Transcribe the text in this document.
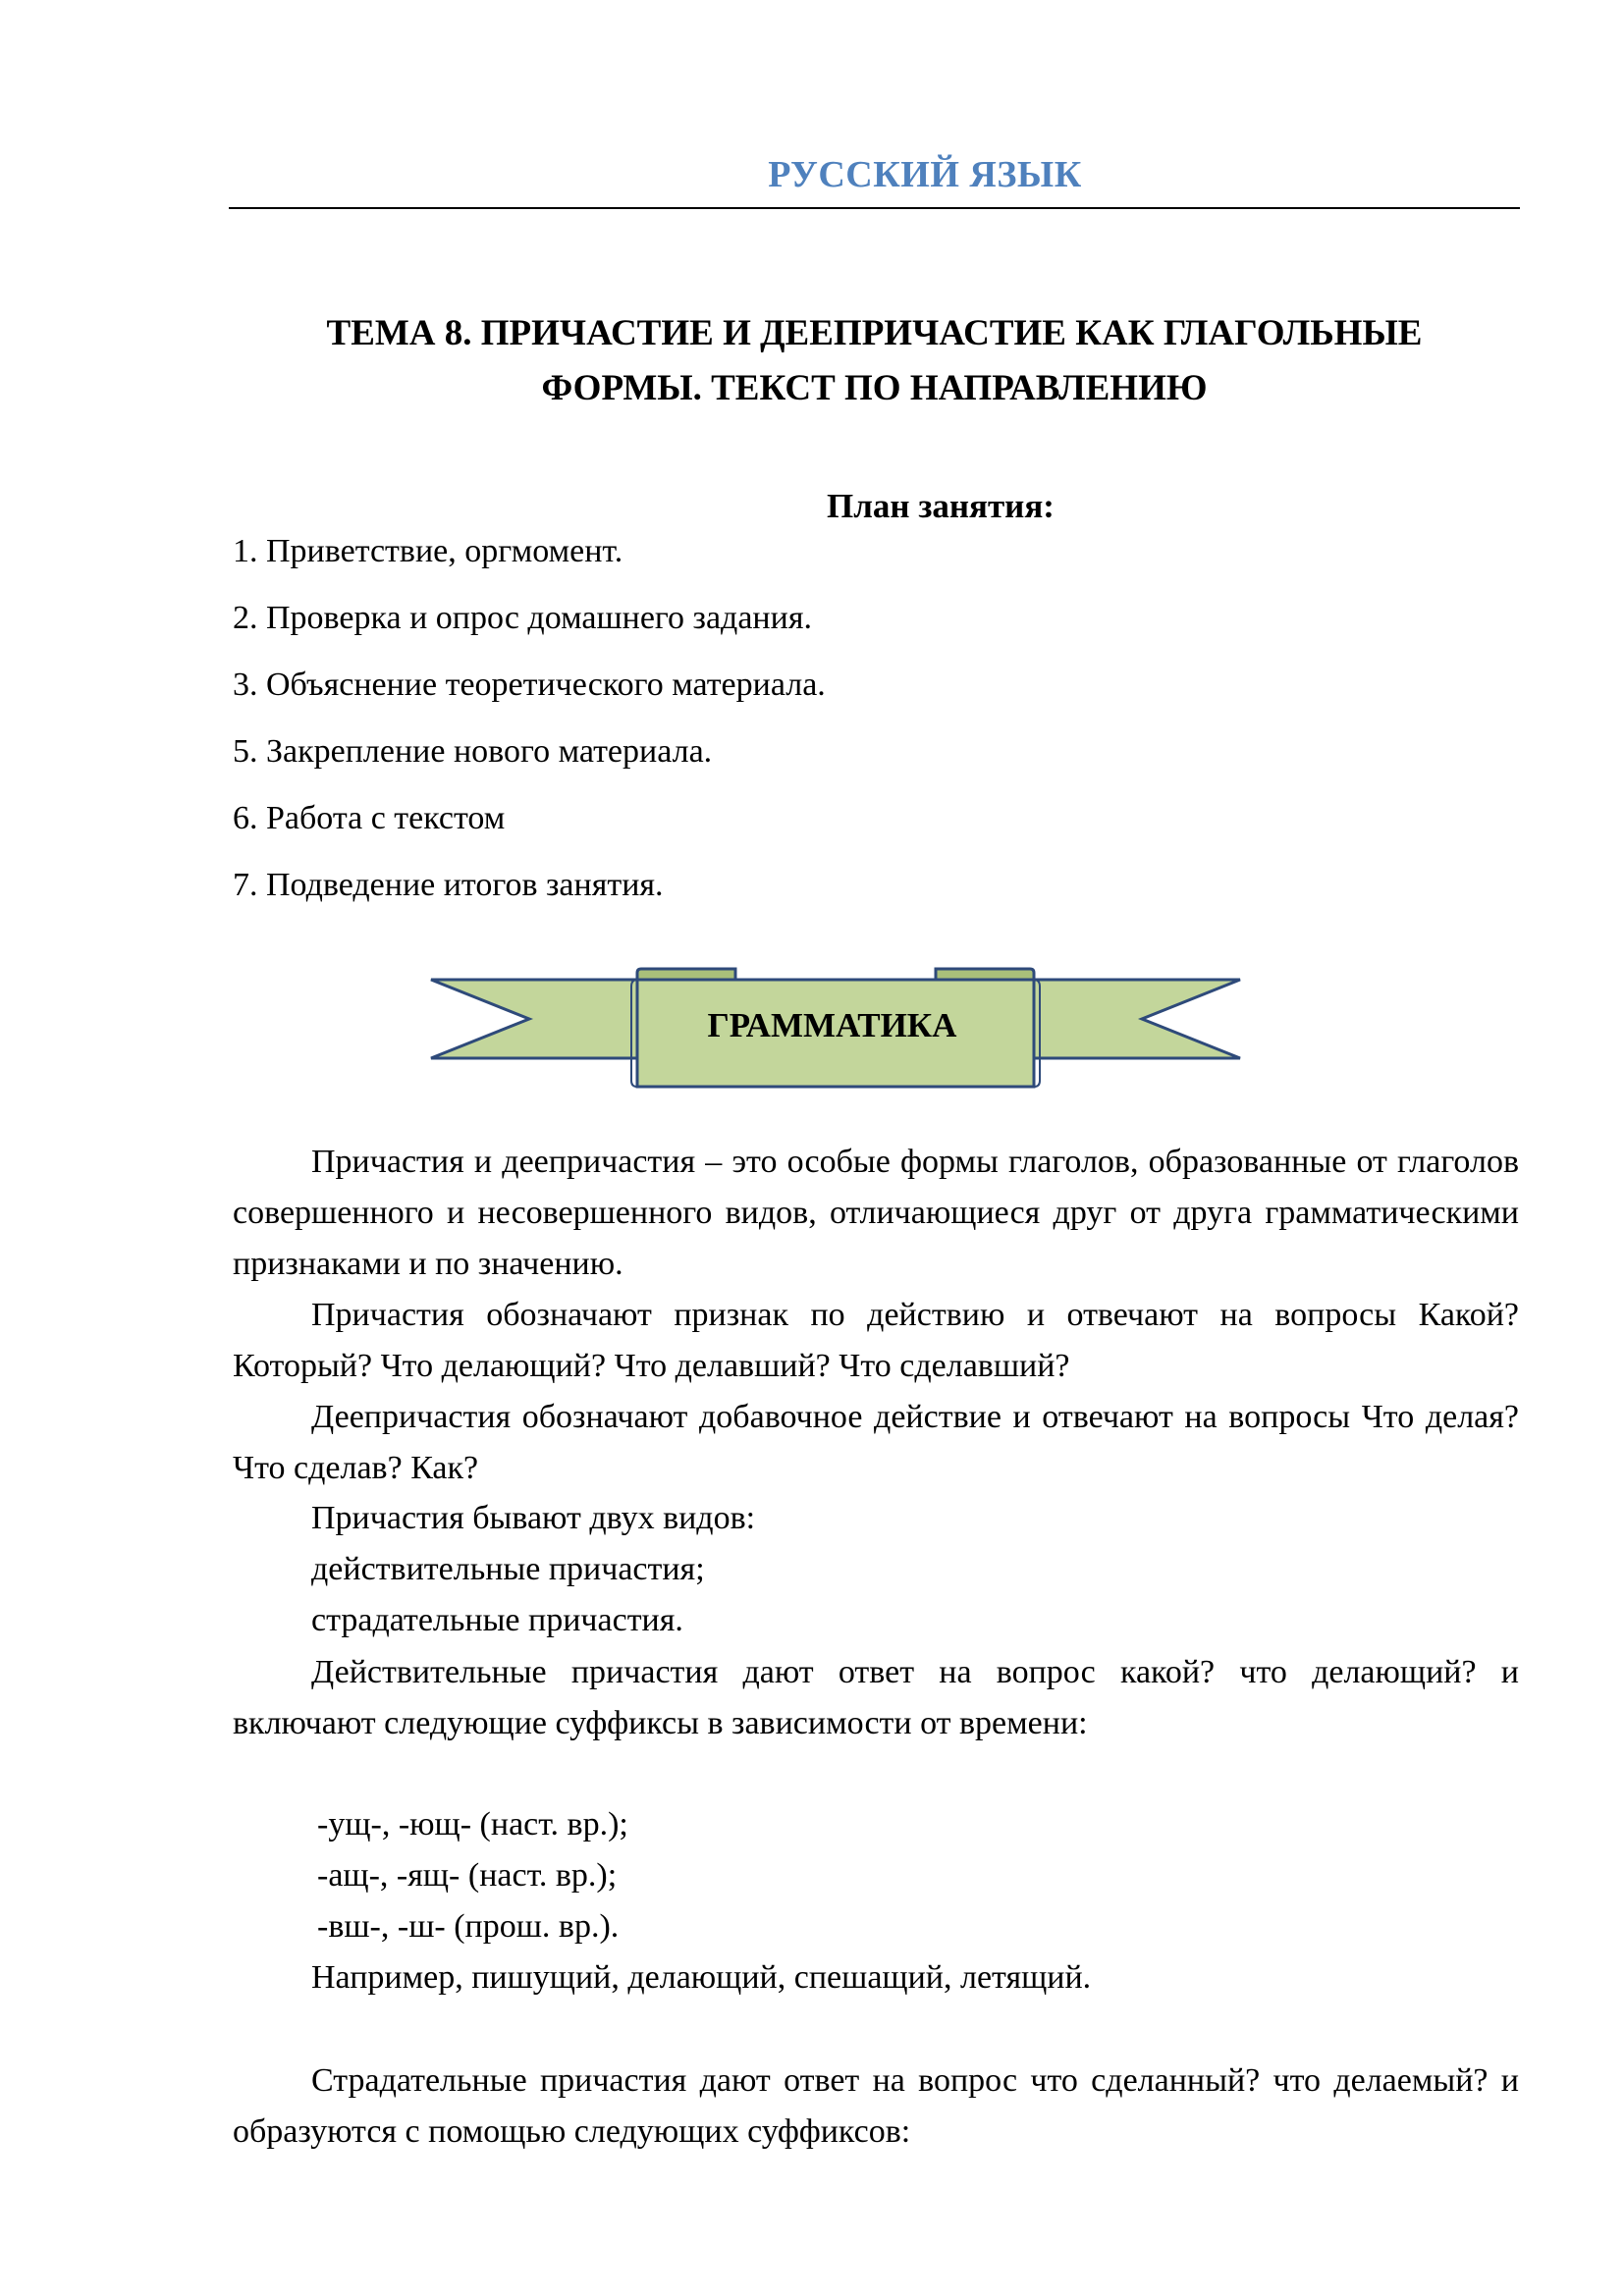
РУССКИЙ ЯЗЫК
ТЕМА 8. ПРИЧАСТИЕ И ДЕЕПРИЧАСТИЕ КАК ГЛАГОЛЬНЫЕ
ФОРМЫ. ТЕКСТ ПО НАПРАВЛЕНИЮ
План занятия:
1. Приветствие, оргмомент.
2. Проверка и опрос домашнего задания.
3. Объяснение теоретического материала.
5. Закрепление нового материала.
6. Работа с текстом
7. Подведение итогов занятия.
ГРАММАТИКА
Причастия и деепричастия – это особые формы глаголов, образованные от глаголов совершенного и несовершенного видов, отличающиеся друг от друга грамматическими признаками и по значению.
Причастия обозначают признак по действию и отвечают на вопросы Какой? Который? Что делающий? Что делавший? Что сделавший?
Деепричастия обозначают добавочное действие и отвечают на вопросы Что делая? Что сделав? Как?
Причастия бывают двух видов:
действительные причастия;
страдательные причастия.
Действительные причастия дают ответ на вопрос какой? что делающий? и включают следующие суффиксы в зависимости от времени:
-ущ-, -ющ- (наст. вр.);
-ащ-, -ящ- (наст. вр.);
-вш-, -ш- (прош. вр.).
Например, пишущий, делающий, спешащий, летящий.
Страдательные причастия дают ответ на вопрос что сделанный? что делаемый? и образуются с помощью следующих суффиксов:
